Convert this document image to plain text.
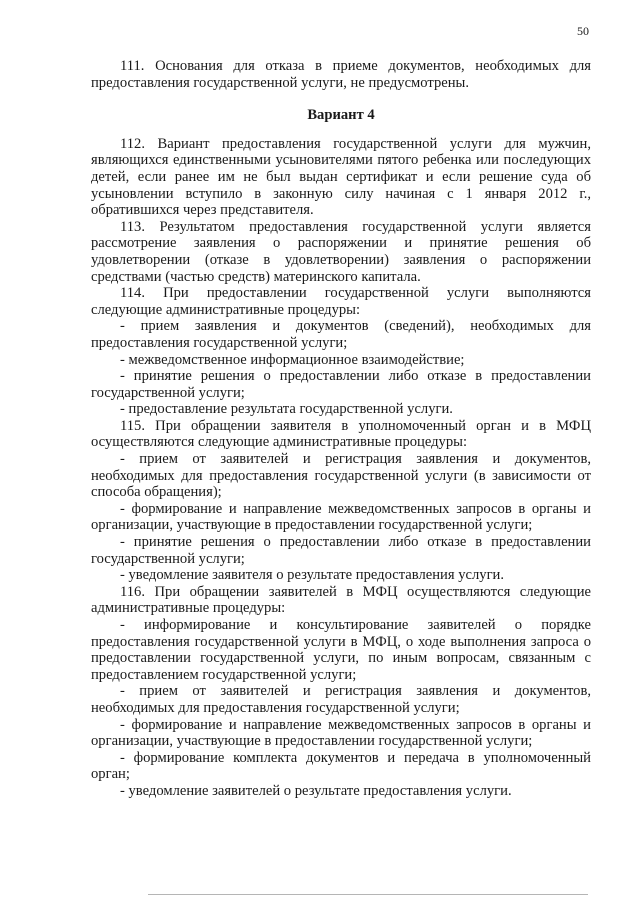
50

111. Основания для отказа в приеме документов, необходимых для предоставления государственной услуги, не предусмотрены.

Вариант 4

112. Вариант предоставления государственной услуги для мужчин, являющихся единственными усыновителями пятого ребенка или последующих детей, если ранее им не был выдан сертификат и если решение суда об усыновлении вступило в законную силу начиная с 1 января 2012 г., обратившихся через представителя.

113. Результатом предоставления государственной услуги является рассмотрение заявления о распоряжении и принятие решения об удовлетворении (отказе в удовлетворении) заявления о распоряжении средствами (частью средств) материнского капитала.

114. При предоставлении государственной услуги выполняются следующие административные процедуры:

- прием заявления и документов (сведений), необходимых для предоставления государственной услуги;

- межведомственное информационное взаимодействие;

- принятие решения о предоставлении либо отказе в предоставлении государственной услуги;

- предоставление результата государственной услуги.

115. При обращении заявителя в уполномоченный орган и в МФЦ осуществляются следующие административные процедуры:

- прием от заявителей и регистрация заявления и документов, необходимых для предоставления государственной услуги (в зависимости от способа обращения);

- формирование и направление межведомственных запросов в органы и организации, участвующие в предоставлении государственной услуги;

- принятие решения о предоставлении либо отказе в предоставлении государственной услуги;

- уведомление заявителя о результате предоставления услуги.

116. При обращении заявителей в МФЦ осуществляются следующие административные процедуры:

- информирование и консультирование заявителей о порядке предоставления государственной услуги в МФЦ, о ходе выполнения запроса о предоставлении государственной услуги, по иным вопросам, связанным с предоставлением государственной услуги;

- прием от заявителей и регистрация заявления и документов, необходимых для предоставления государственной услуги;

- формирование и направление межведомственных запросов в органы и организации, участвующие в предоставлении государственной услуги;

- формирование комплекта документов и передача в уполномоченный орган;

- уведомление заявителей о результате предоставления услуги.
